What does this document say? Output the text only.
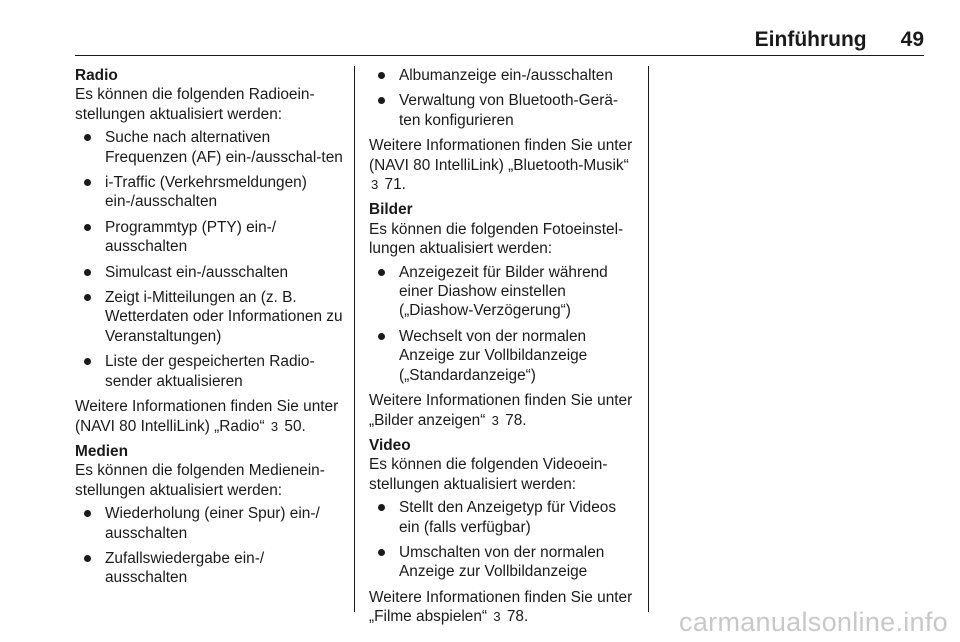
Einführung 49

Radio

Es können die folgenden Radioein-stellungen aktualisiert werden:

Suche nach alternativen Frequenzen (AF) ein-/ausschal-ten
i-Traffic (Verkehrsmeldungen) ein-/ausschalten
Programmtyp (PTY) ein-/ ausschalten
Simulcast ein-/ausschalten
Zeigt i-Mitteilungen an (z. B. Wetterdaten oder Informationen zu Veranstaltungen)
Liste der gespeicherten Radio-sender aktualisieren

Weitere Informationen finden Sie unter (NAVI 80 IntelliLink) „Radio“ 3 50.

Medien

Es können die folgenden Medienein-stellungen aktualisiert werden:

Wiederholung (einer Spur) ein-/ ausschalten
Zufallswiedergabe ein-/ ausschalten
Albumanzeige ein-/ausschalten
Verwaltung von Bluetooth-Gerä-ten konfigurieren

Weitere Informationen finden Sie unter (NAVI 80 IntelliLink) „Bluetooth-Musik“ 3 71.

Bilder

Es können die folgenden Fotoeinstel-lungen aktualisiert werden:

Anzeigezeit für Bilder während einer Diashow einstellen („Diashow-Verzögerung“)
Wechselt von der normalen Anzeige zur Vollbildanzeige („Standardanzeige“)

Weitere Informationen finden Sie unter „Bilder anzeigen“ 3 78.

Video

Es können die folgenden Videoein-stellungen aktualisiert werden:

Stellt den Anzeigetyp für Videos ein (falls verfügbar)
Umschalten von der normalen Anzeige zur Vollbildanzeige

Weitere Informationen finden Sie unter „Filme abspielen“ 3 78.	carmanualsonline.info
